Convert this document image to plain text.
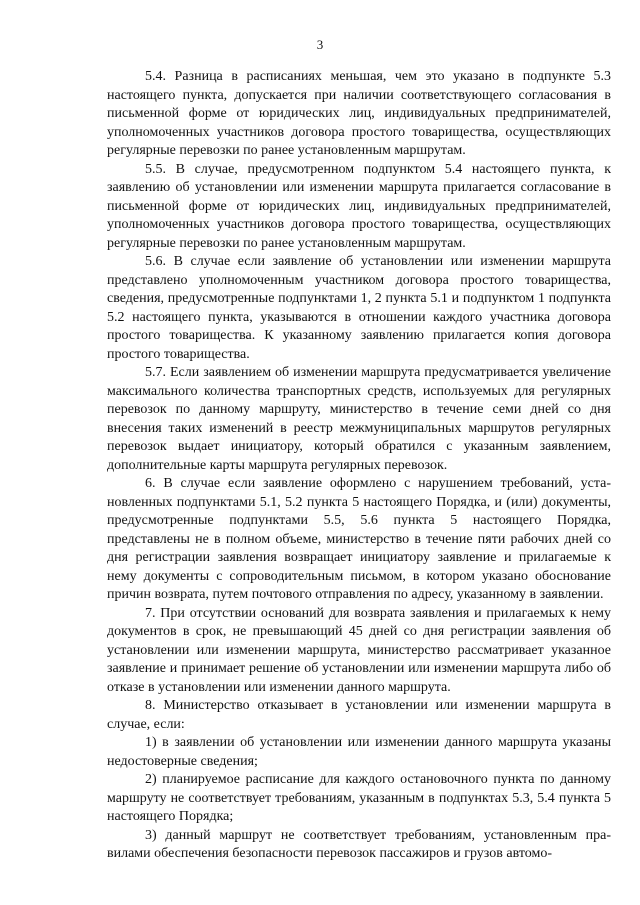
3

5.4. Разница в расписаниях меньшая, чем это указано в подпункте 5.3 настоящего пункта, допускается при наличии соответствующего согласования в письменной форме от юридических лиц, индивидуальных предпринимателей, уполномоченных участников договора простого товарищества, осуществляющих регулярные перевозки по ранее установленным маршрутам.

5.5. В случае, предусмотренном подпунктом 5.4 настоящего пункта, к заявлению об установлении или изменении маршрута прилагается согласование в письменной форме от юридических лиц, индивидуальных предпринимателей, уполномоченных участников договора простого товарищества, осуществляющих регулярные перевозки по ранее установленным маршрутам.

5.6. В случае если заявление об установлении или изменении маршрута представлено уполномоченным участником договора простого товарищества, сведения, предусмотренные подпунктами 1, 2 пункта 5.1 и подпунктом 1 подпункта 5.2 настоящего пункта, указываются в отношении каждого участника договора простого товарищества. К указанному заявлению прилагается копия договора простого товарищества.

5.7. Если заявлением об изменении маршрута предусматривается увеличение максимального количества транспортных средств, используемых для регулярных перевозок по данному маршруту, министерство в течение семи дней со дня внесения таких изменений в реестр межмуниципальных маршрутов регулярных перевозок выдает инициатору, который обратился с указанным заявлением, дополнительные карты маршрута регулярных перевозок.

6. В случае если заявление оформлено с нарушением требований, установленных подпунктами 5.1, 5.2 пункта 5 настоящего Порядка, и (или) документы, предусмотренные подпунктами 5.5, 5.6 пункта 5 настоящего Порядка, представлены не в полном объеме, министерство в течение пяти рабочих дней со дня регистрации заявления возвращает инициатору заявление и прилагаемые к нему документы с сопроводительным письмом, в котором указано обоснование причин возврата, путем почтового отправления по адресу, указанному в заявлении.

7. При отсутствии оснований для возврата заявления и прилагаемых к нему документов в срок, не превышающий 45 дней со дня регистрации заявления об установлении или изменении маршрута, министерство рассматривает указанное заявление и принимает решение об установлении или изменении маршрута либо об отказе в установлении или изменении данного маршрута.

8. Министерство отказывает в установлении или изменении маршрута в случае, если:

1) в заявлении об установлении или изменении данного маршрута указаны недостоверные сведения;

2) планируемое расписание для каждого остановочного пункта по данному маршруту не соответствует требованиям, указанным в подпунктах 5.3, 5.4 пункта 5 настоящего Порядка;

3) данный маршрут не соответствует требованиям, установленным правилами обеспечения безопасности перевозок пассажиров и грузов автомо-
